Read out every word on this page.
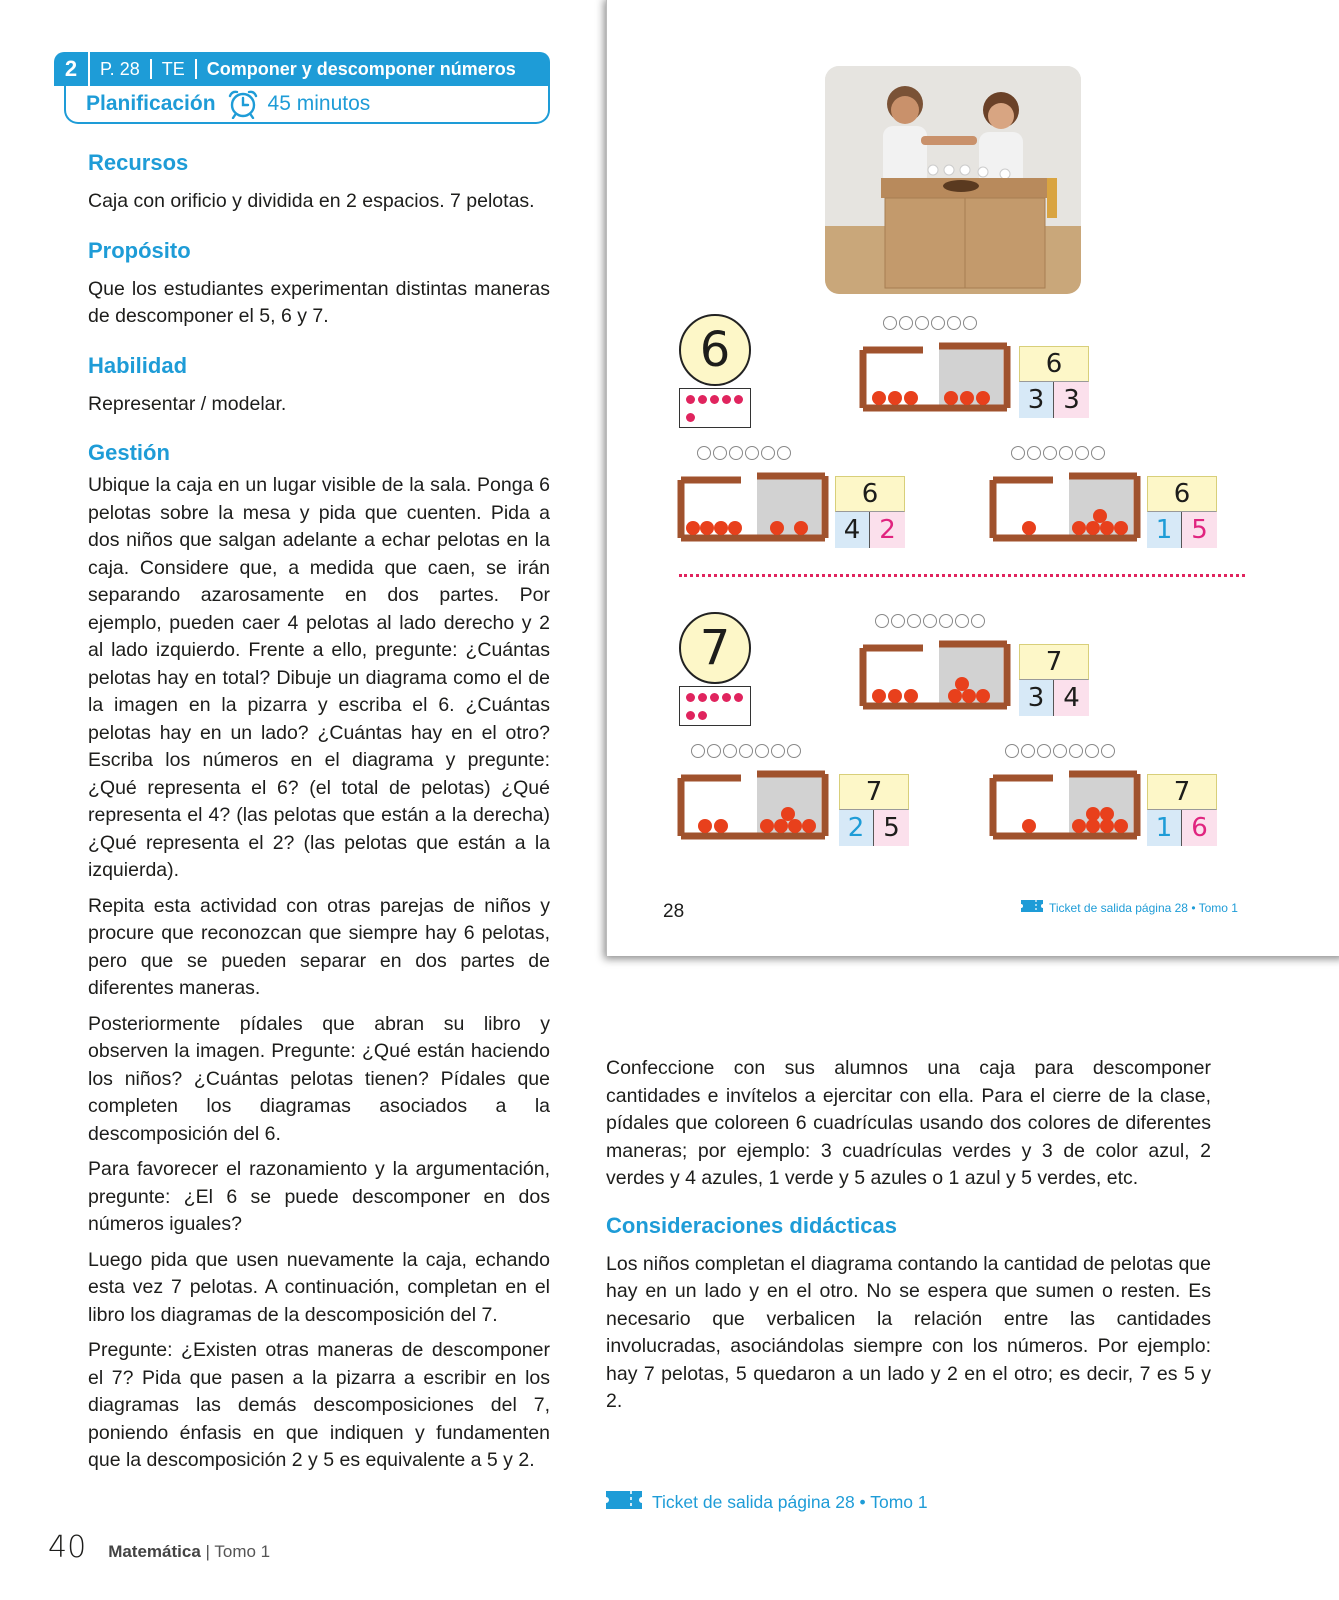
2	P. 28	TE	Componer y descomponer números
Planificación 45 minutos
Recursos

Caja con orificio y dividida en 2 espacios. 7 pelotas.

Propósito

Que los estudiantes experimentan distintas maneras de descomponer el 5, 6 y 7.

Habilidad

Representar / modelar.

Gestión

Ubique la caja en un lugar visible de la sala. Ponga 6 pelotas sobre la mesa y pida que cuenten. Pida a dos niños que salgan adelante a echar pelotas en la caja. Considere que, a medida que caen, se irán separando azarosamente en dos partes. Por ejemplo, pueden caer 4 pelotas al lado derecho y 2 al lado izquierdo. Frente a ello, pregunte: ¿Cuántas pelotas hay en total? Dibuje un diagrama como el de la imagen en la pizarra y escriba el 6. ¿Cuántas pelotas hay en un lado? ¿Cuántas hay en el otro? Escriba los números en el diagrama y pregunte: ¿Qué representa el 6? (el total de pelotas) ¿Qué representa el 4? (las pelotas que están a la derecha) ¿Qué representa el 2? (las pelotas que están a la izquierda).

Repita esta actividad con otras parejas de niños y procure que reconozcan que siempre hay 6 pelotas, pero que se pueden separar en dos partes de diferentes maneras.

Posteriormente pídales que abran su libro y observen la imagen. Pregunte: ¿Qué están haciendo los niños? ¿Cuántas pelotas tienen? Pídales que completen los diagramas asociados a la descomposición del 6.

Para favorecer el razonamiento y la argumentación, pregunte: ¿El 6 se puede descomponer en dos números iguales?

Luego pida que usen nuevamente la caja, echando esta vez 7 pelotas. A continuación, completan en el libro los diagramas de la descomposición del 7.

Pregunte: ¿Existen otras maneras de descomponer el 7? Pida que pasen a la pizarra a escribir en los diagramas las demás descomposiciones del 7, poniendo énfasis en que indiquen y fundamenten que la descomposición 2 y 5 es equivalente a 5 y 2.

6	6
3 3
6
4 2
6
1 5
7	7
3 4
7
2 5
7
1 6
28	Ticket de salida página 28 • Tomo 1

Confeccione con sus alumnos una caja para descomponer cantidades e invítelos a ejercitar con ella. Para el cierre de la clase, pídales que coloreen 6 cuadrículas usando dos colores de diferentes maneras; por ejemplo: 3 cuadrículas verdes y 3 de color azul, 2 verdes y 4 azules, 1 verde y 5 azules o 1 azul y 5 verdes, etc.

Consideraciones didácticas

Los niños completan el diagrama contando la cantidad de pelotas que hay en un lado y en el otro. No se espera que sumen o resten. Es necesario que verbalicen la relación entre las cantidades involucradas, asociándolas siempre con los números. Por ejemplo: hay 7 pelotas, 5 quedaron a un lado y 2 en el otro; es decir, 7 es 5 y 2.

Ticket de salida página 28 • Tomo 1
40 Matemática | Tomo 1
